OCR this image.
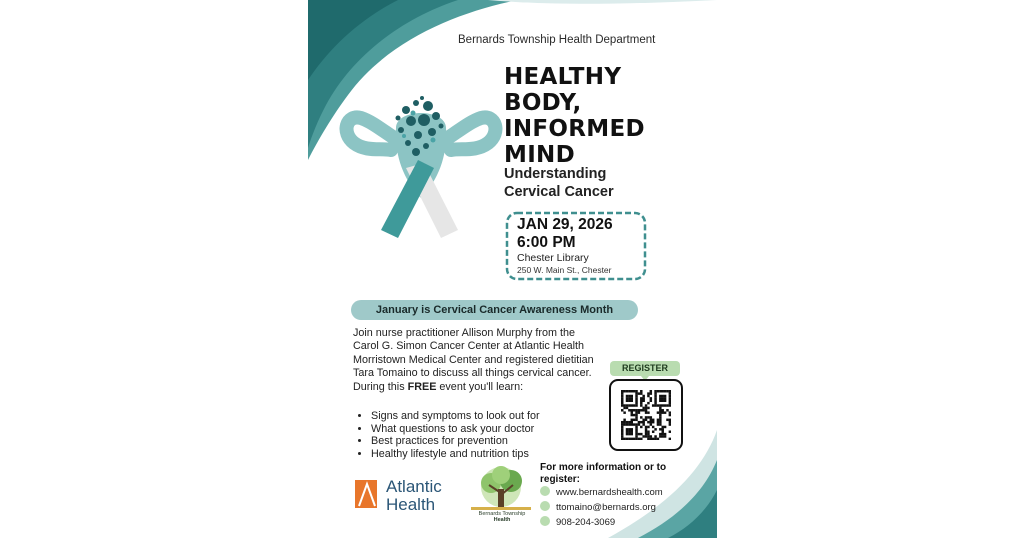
Bernards Township Health Department
HEALTHY
BODY,
INFORMED
MIND
Understanding
Cervical Cancer
JAN 29, 2026
6:00 PM
Chester Library
250 W. Main St., Chester
January is Cervical Cancer Awareness Month
Join nurse practitioner Allison Murphy from the Carol G. Simon Cancer Center at Atlantic Health Morristown Medical Center and registered dietitian Tara Tomaino to discuss all things cervical cancer. During this FREE event you'll learn:
• Signs and symptoms to look out for
• What questions to ask your doctor
• Best practices for prevention
• Healthy lifestyle and nutrition tips
REGISTER
Atlantic
Health	Bernards Township
Health
For more information or to register:
www.bernardshealth.com
ttomaino@bernards.org
908-204-3069
